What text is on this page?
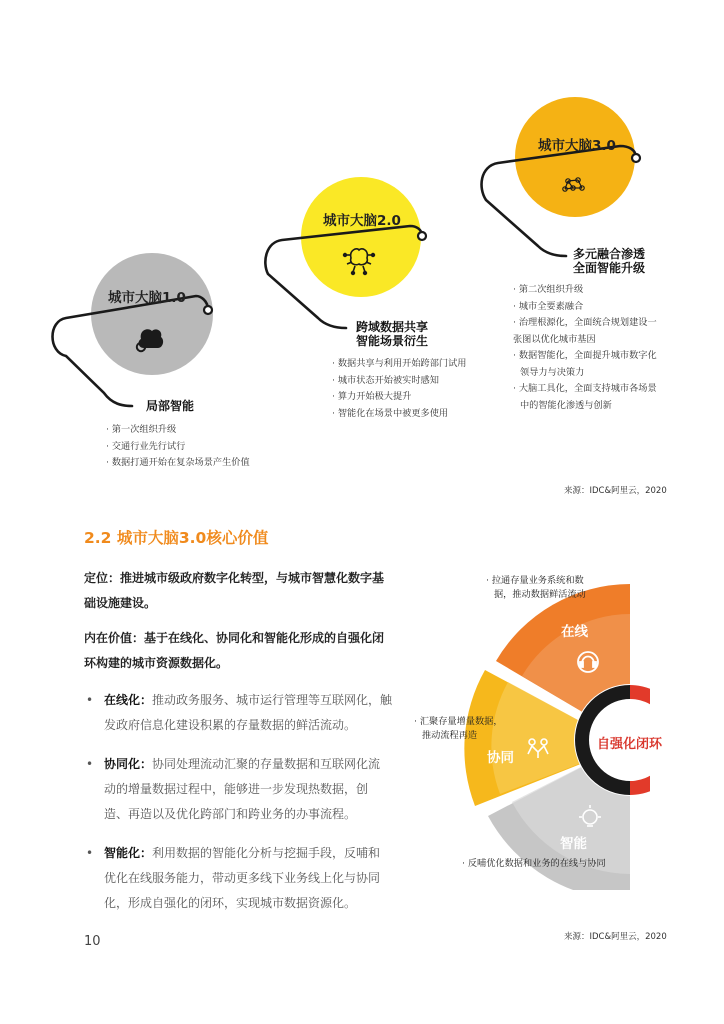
城市大脑1.0
城市大脑2.0
城市大脑3.0
局部智能
· 第一次组织升级
· 交通行业先行试行
· 数据打通开始在复杂场景产生价值
跨域数据共享
智能场景衍生
· 数据共享与利用开始跨部门试用
· 城市状态开始被实时感知
· 算力开始极大提升
· 智能化在场景中被更多使用
多元融合渗透
全面智能升级
· 第二次组织升级
· 城市全要素融合
· 治理根源化，全面统合规划建设一
张图以优化城市基因
· 数据智能化，全面提升城市数字化
领导力与决策力
· 大脑工具化，全面支持城市各场景
中的智能化渗透与创新
来源：IDC&阿里云，2020
2.2 城市大脑3.0核心价值
定位：推进城市级政府数字化转型，与城市智慧化数字基
础设施建设。
内在价值：基于在线化、协同化和智能化形成的自强化闭
环构建的城市资源数据化。
• 在线化：推动政务服务、城市运行管理等互联网化，触
发政府信息化建设积累的存量数据的鲜活流动。
• 协同化：协同处理流动汇聚的存量数据和互联网化流
动的增量数据过程中，能够进一步发现热数据，创
造、再造以及优化跨部门和跨业务的办事流程。
• 智能化：利用数据的智能化分析与挖掘手段，反哺和
优化在线服务能力，带动更多线下业务线上化与协同
化，形成自强化的闭环，实现城市数据资源化。
在线
协同
智能
自强化闭环
· 拉通存量业务系统和数
据，推动数据鲜活流动
· 汇聚存量增量数据，
推动流程再造
· 反哺优化数据和业务的在线与协同
来源：IDC&阿里云，2020
10
